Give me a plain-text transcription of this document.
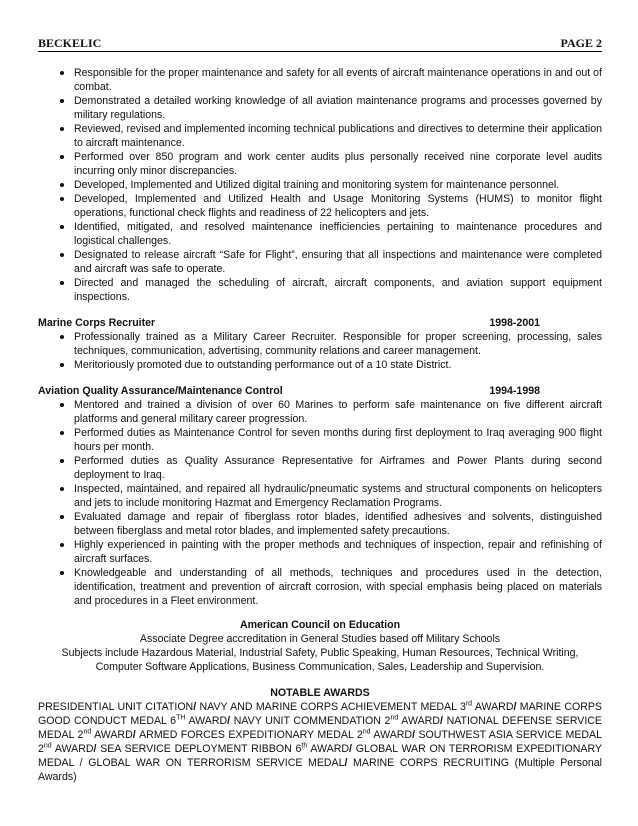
BECKELIC	PAGE 2
Responsible for the proper maintenance and safety for all events of aircraft maintenance operations in and out of combat.
Demonstrated a detailed working knowledge of all aviation maintenance programs and processes governed by military regulations.
Reviewed, revised and implemented incoming technical publications and directives to determine their application to aircraft maintenance.
Performed over 850 program and work center audits plus personally received nine corporate level audits incurring only minor discrepancies.
Developed, Implemented and Utilized digital training and monitoring system for maintenance personnel.
Developed, Implemented and Utilized Health and Usage Monitoring Systems (HUMS) to monitor flight operations, functional check flights and readiness of 22 helicopters and jets.
Identified, mitigated, and resolved maintenance inefficiencies pertaining to maintenance procedures and logistical challenges.
Designated to release aircraft “Safe for Flight”, ensuring that all inspections and maintenance were completed and aircraft was safe to operate.
Directed and managed the scheduling of aircraft, aircraft components, and aviation support equipment inspections.
Marine Corps Recruiter	1998-2001
Professionally trained as a Military Career Recruiter. Responsible for proper screening, processing, sales techniques, communication, advertising, community relations and career management.
Meritoriously promoted due to outstanding performance out of a 10 state District.
Aviation Quality Assurance/Maintenance Control	1994-1998
Mentored and trained a division of over 60 Marines to perform safe maintenance on five different aircraft platforms and general military career progression.
Performed duties as Maintenance Control for seven months during first deployment to Iraq averaging 900 flight hours per month.
Performed duties as Quality Assurance Representative for Airframes and Power Plants during second deployment to Iraq.
Inspected, maintained, and repaired all hydraulic/pneumatic systems and structural components on helicopters and jets to include monitoring Hazmat and Emergency Reclamation Programs.
Evaluated damage and repair of fiberglass rotor blades, identified adhesives and solvents, distinguished between fiberglass and metal rotor blades, and implemented safety precautions.
Highly experienced in painting with the proper methods and techniques of inspection, repair and refinishing of aircraft surfaces.
Knowledgeable and understanding of all methods, techniques and procedures used in the detection, identification, treatment and prevention of aircraft corrosion, with special emphasis being placed on materials and procedures in a Fleet environment.
American Council on Education
Associate Degree accreditation in General Studies based off Military Schools
Subjects include Hazardous Material, Industrial Safety, Public Speaking, Human Resources, Technical Writing, Computer Software Applications, Business Communication, Sales, Leadership and Supervision.
NOTABLE AWARDS
PRESIDENTIAL UNIT CITATION/ NAVY AND MARINE CORPS ACHIEVEMENT MEDAL 3rd AWARD/ MARINE CORPS GOOD CONDUCT MEDAL 6TH AWARD/ NAVY UNIT COMMENDATION 2nd AWARD/ NATIONAL DEFENSE SERVICE MEDAL 2nd AWARD/ ARMED FORCES EXPEDITIONARY MEDAL 2nd AWARD/ SOUTHWEST ASIA SERVICE MEDAL 2nd AWARD/ SEA SERVICE DEPLOYMENT RIBBON 6th AWARD/ GLOBAL WAR ON TERRORISM EXPEDITIONARY MEDAL / GLOBAL WAR ON TERRORISM SERVICE MEDAL/ MARINE CORPS RECRUITING (Multiple Personal Awards)
